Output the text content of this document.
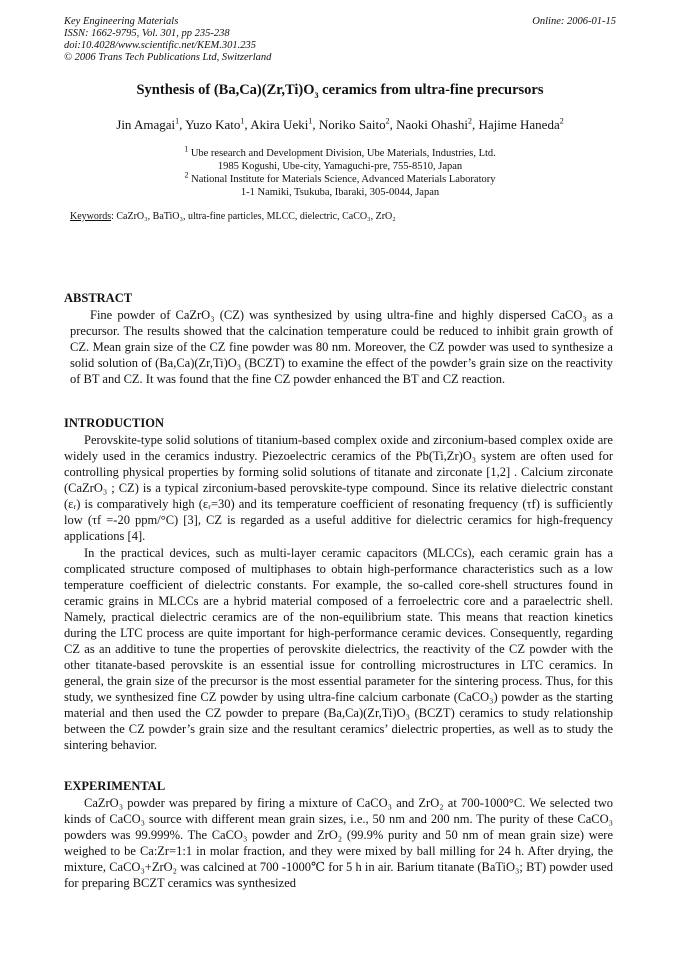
Key Engineering Materials
ISSN: 1662-9795, Vol. 301, pp 235-238
doi:10.4028/www.scientific.net/KEM.301.235
© 2006 Trans Tech Publications Ltd, Switzerland
Online: 2006-01-15
Synthesis of $(Ba,Ca)(Zr,Ti)O_3$ ceramics from ultra-fine precursors
Jin Amagai$^1$, Yuzo Kato$^1$, Akira Ueki$^1$, Noriko Saito$^2$, Naoki Ohashi$^2$, Hajime Haneda$^2$
$^1$ Ube research and Development Division, Ube Materials, Industries, Ltd.
1985 Kogushi, Ube-city, Yamaguchi-pre, 755-8510, Japan
$^2$ National Institute for Materials Science, Advanced Materials Laboratory
1-1 Namiki, Tsukuba, Ibaraki, 305-0044, Japan
Keywords: CaZrO₃, BaTiO₃, ultra-fine particles, MLCC, dielectric, CaCO₃, ZrO₂
ABSTRACT

Fine powder of CaZrO₃ (CZ) was synthesized by using ultra-fine and highly dispersed CaCO₃ as a precursor. The results showed that the calcination temperature could be reduced to inhibit grain growth of CZ. Mean grain size of the CZ fine powder was 80 nm. Moreover, the CZ powder was used to synthesize a solid solution of (Ba,Ca)(Zr,Ti)O₃ (BCZT) to examine the effect of the powder’s grain size on the reactivity of BT and CZ. It was found that the fine CZ powder enhanced the BT and CZ reaction.

INTRODUCTION

Perovskite-type solid solutions of titanium-based complex oxide and zirconium-based complex oxide are widely used in the ceramics industry. Piezoelectric ceramics of the Pb(Ti,Zr)O₃ system are often used for controlling physical properties by forming solid solutions of titanate and zirconate [1,2] . Calcium zirconate (CaZrO₃ ; CZ) is a typical zirconium-based perovskite-type compound. Since its relative dielectric constant (εᵣ) is comparatively high (εᵣ=30) and its temperature coefficient of resonating frequency (τf) is sufficiently low (τf =-20 ppm/°C) [3], CZ is regarded as a useful additive for dielectric ceramics for high-frequency applications [4].

In the practical devices, such as multi-layer ceramic capacitors (MLCCs), each ceramic grain has a complicated structure composed of multiphases to obtain high-performance characteristics such as a low temperature coefficient of dielectric constants. For example, the so-called core-shell structures found in ceramic grains in MLCCs are a hybrid material composed of a ferroelectric core and a paraelectric shell. Namely, practical dielectric ceramics are of the non-equilibrium state. This means that reaction kinetics during the LTC process are quite important for high-performance ceramic devices. Consequently, regarding CZ as an additive to tune the properties of perovskite dielectrics, the reactivity of the CZ powder with the other titanate-based perovskite is an essential issue for controlling microstructures in LTC ceramics. In general, the grain size of the precursor is the most essential parameter for the sintering process. Thus, for this study, we synthesized fine CZ powder by using ultra-fine calcium carbonate (CaCO₃) powder as the starting material and then used the CZ powder to prepare (Ba,Ca)(Zr,Ti)O₃ (BCZT) ceramics to study relationship between the CZ powder’s grain size and the resultant ceramics’ dielectric properties, as well as to study the sintering behavior.

EXPERIMENTAL

CaZrO₃ powder was prepared by firing a mixture of CaCO₃ and ZrO₂ at 700-1000°C. We selected two kinds of CaCO₃ source with different mean grain sizes, i.e., 50 nm and 200 nm. The purity of these CaCO₃ powders was 99.999%. The CaCO₃ powder and ZrO₂ (99.9% purity and 50 nm of mean grain size) were weighed to be Ca:Zr=1:1 in molar fraction, and they were mixed by ball milling for 24 h. After drying, the mixture, CaCO₃+ZrO₂ was calcined at 700 -1000℃ for 5 h in air. Barium titanate (BaTiO₃; BT) powder used for preparing BCZT ceramics was synthesized
